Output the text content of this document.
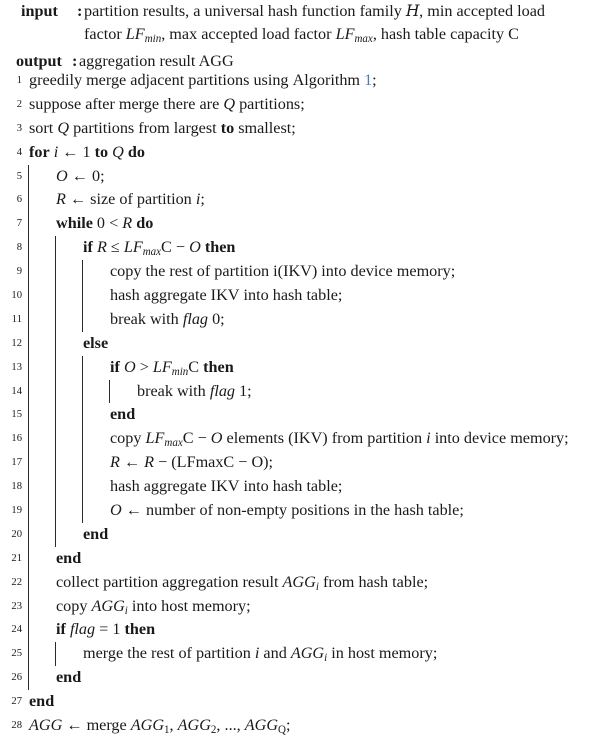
input	: partition results, a universal hash function family H, min accepted load
factor $LF_{min}$, max accepted load factor $LF_{max}$, hash table capacity C
output : aggregation result AGG
1 greedily merge adjacent partitions using Algorithm 1;
2 suppose after merge there are Q partitions;
3 sort Q partitions from largest to smallest;
4 for i ← 1 to Q do
5	O ← 0;
6	R ← size of partition i;
7	while 0 < R do
8	if $R \le LF_{max}C - O$ then
9	copy the rest of partition i(IKV) into device memory;
10	hash aggregate IKV into hash table;
11	break with flag 0;
12	else
13	if $O > LF_{min}C$ then
14	break with flag 1;
15	end
16	copy $LF_{max}C - O$ elements (IKV) from partition i into device memory;
17	R ← R − (LFmaxC − O);
18	hash aggregate IKV into hash table;
19	O ← number of non-empty positions in the hash table;
20	end
21	end
22	collect partition aggregation result $AGG_i$ from hash table;
23	copy $AGG_i$ into host memory;
24	if flag = 1 then
25	merge the rest of partition i and $AGG_i$ in host memory;
26	end
27 end
28 AGG ← merge AGG1, AGG2, ..., AGGQ;
